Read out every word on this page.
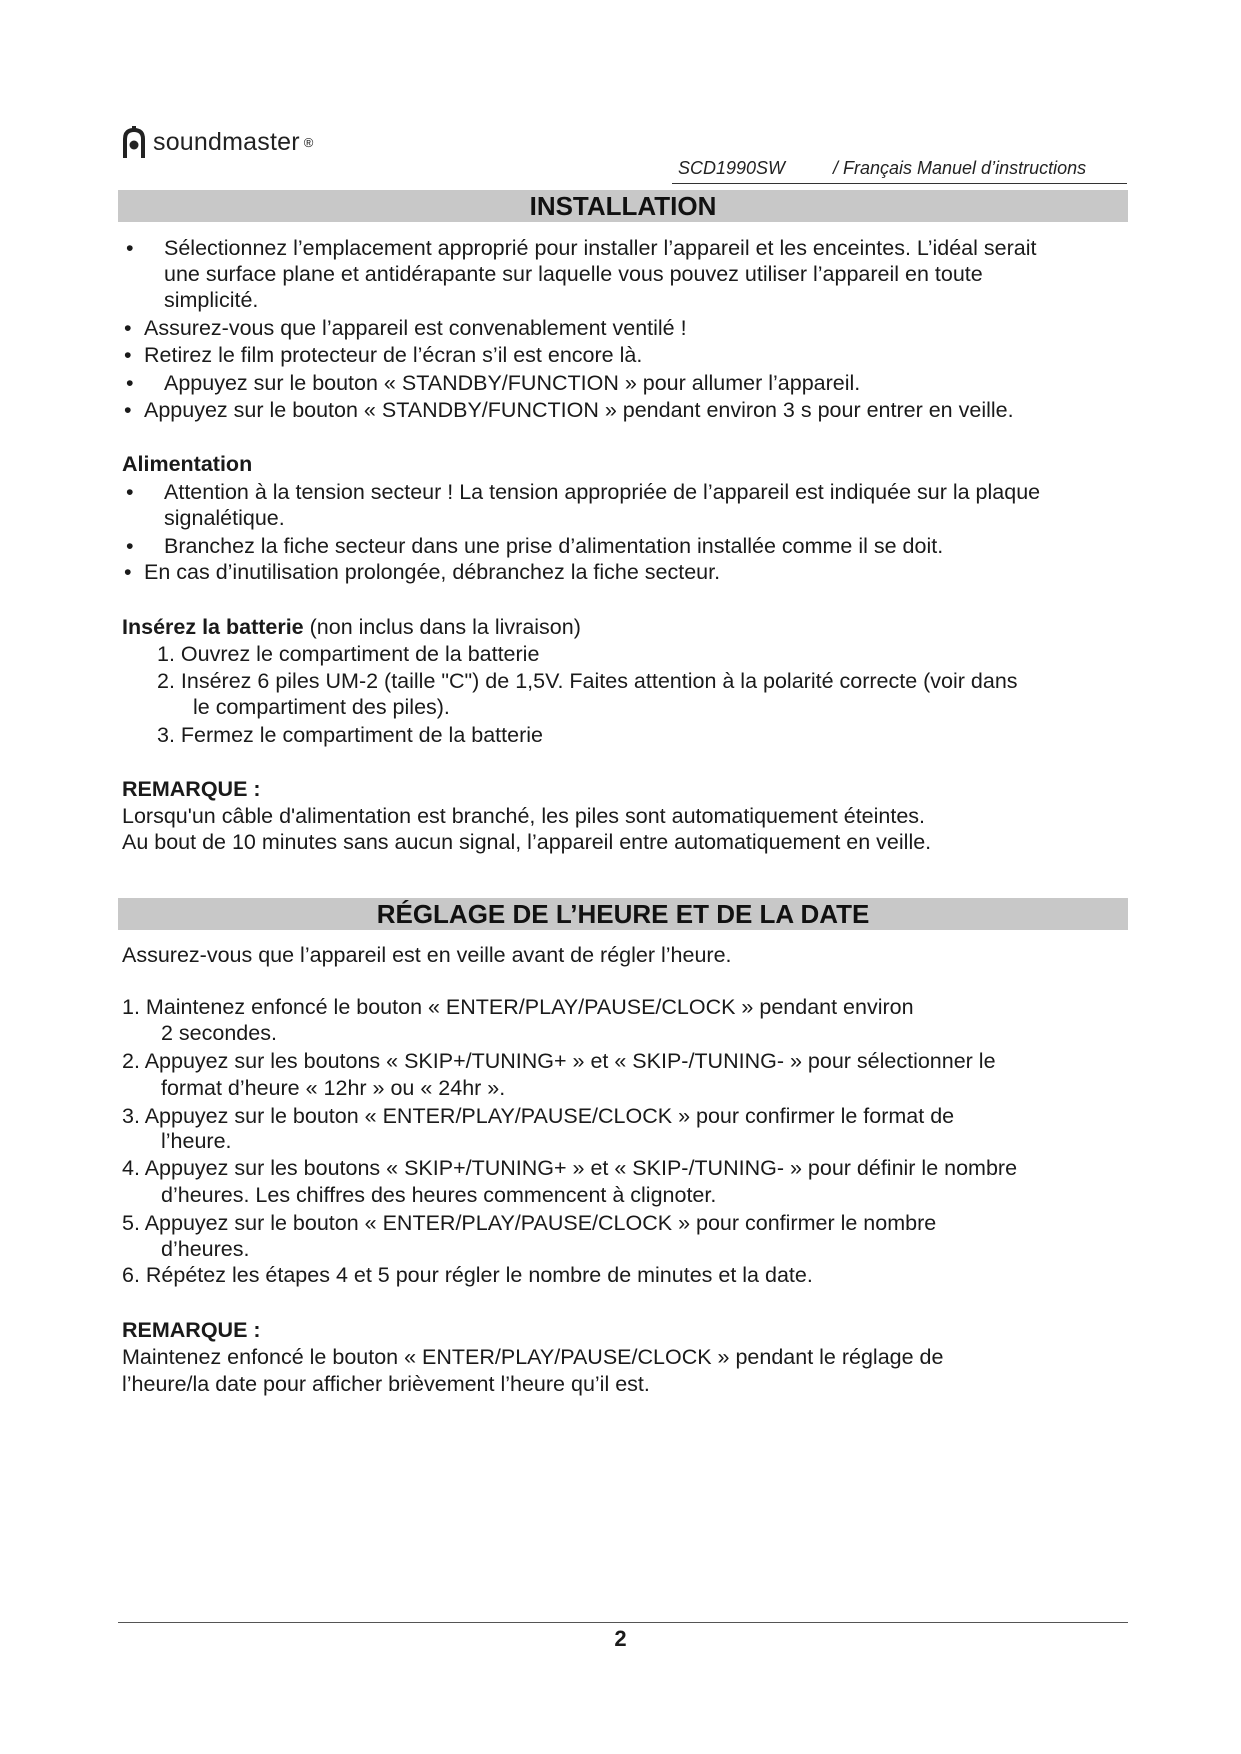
soundmaster ®
SCD1990SW	/ Français Manuel d’instructions
INSTALLATION
• Sélectionnez l’emplacement approprié pour installer l’appareil et les enceintes. L’idéal serait
une surface plane et antidérapante sur laquelle vous pouvez utiliser l’appareil en toute
simplicité.
• Assurez-vous que l’appareil est convenablement ventilé !
• Retirez le film protecteur de l’écran s’il est encore là.
• Appuyez sur le bouton « STANDBY/FUNCTION » pour allumer l’appareil.
• Appuyez sur le bouton « STANDBY/FUNCTION » pendant environ 3 s pour entrer en veille.
Alimentation
• Attention à la tension secteur ! La tension appropriée de l’appareil est indiquée sur la plaque
signalétique.
• Branchez la fiche secteur dans une prise d’alimentation installée comme il se doit.
• En cas d’inutilisation prolongée, débranchez la fiche secteur.
Insérez la batterie (non inclus dans la livraison)
1. Ouvrez le compartiment de la batterie
2. Insérez 6 piles UM-2 (taille "C") de 1,5V. Faites attention à la polarité correcte (voir dans
le compartiment des piles).
3. Fermez le compartiment de la batterie
REMARQUE :
Lorsqu'un câble d'alimentation est branché, les piles sont automatiquement éteintes.
Au bout de 10 minutes sans aucun signal, l’appareil entre automatiquement en veille.
RÉGLAGE DE L’HEURE ET DE LA DATE
Assurez-vous que l’appareil est en veille avant de régler l’heure.
1. Maintenez enfoncé le bouton « ENTER/PLAY/PAUSE/CLOCK » pendant environ
2 secondes.
2. Appuyez sur les boutons « SKIP+/TUNING+ » et « SKIP-/TUNING- » pour sélectionner le
format d’heure « 12hr » ou « 24hr ».
3. Appuyez sur le bouton « ENTER/PLAY/PAUSE/CLOCK » pour confirmer le format de
l’heure.
4. Appuyez sur les boutons « SKIP+/TUNING+ » et « SKIP-/TUNING- » pour définir le nombre
d’heures. Les chiffres des heures commencent à clignoter.
5. Appuyez sur le bouton « ENTER/PLAY/PAUSE/CLOCK » pour confirmer le nombre
d’heures.
6. Répétez les étapes 4 et 5 pour régler le nombre de minutes et la date.
REMARQUE :
Maintenez enfoncé le bouton « ENTER/PLAY/PAUSE/CLOCK » pendant le réglage de
l’heure/la date pour afficher brièvement l’heure qu’il est.
2
